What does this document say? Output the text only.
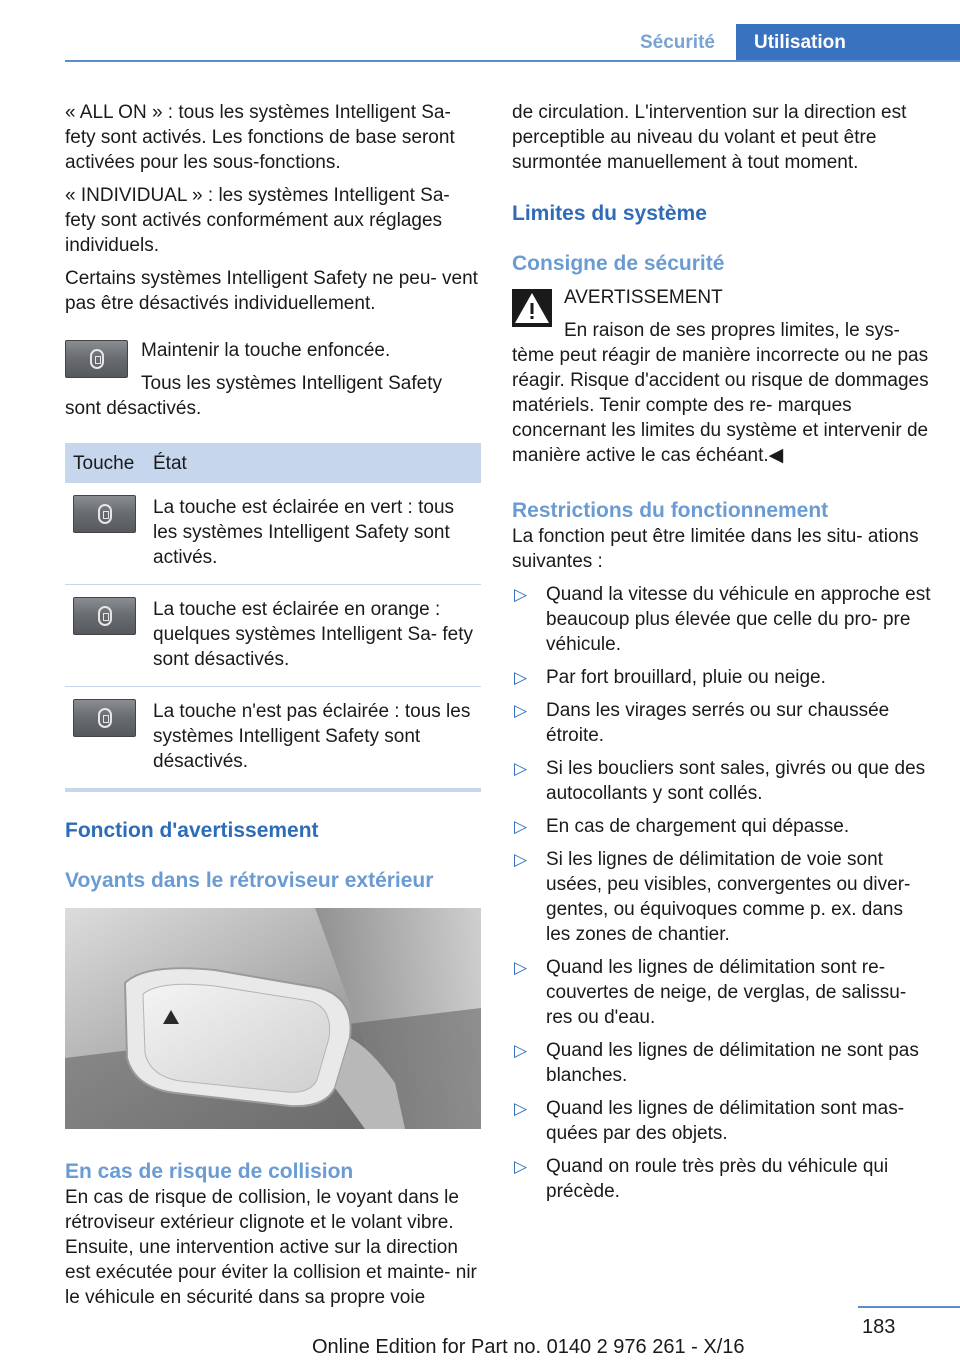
Sécurité	Utilisation

« ALL ON » : tous les systèmes Intelligent Sa‐ fety sont activés. Les fonctions de base seront activées pour les sous-fonctions.

« INDIVIDUAL » : les systèmes Intelligent Sa‐ fety sont activés conformément aux réglages individuels.

Certains systèmes Intelligent Safety ne peu‐ vent pas être désactivés individuellement.

Maintenir la touche enfoncée.

Tous les systèmes Intelligent Safety sont désactivés.

Touche	État

	La touche est éclairée en vert : tous les systèmes Intelligent Safety sont activés.

	La touche est éclairée en orange : quelques systèmes Intelligent Sa‐ fety sont désactivés.

	La touche n'est pas éclairée : tous les systèmes Intelligent Safety sont désactivés.
Fonction d'avertissement
Voyants dans le rétroviseur extérieur
En cas de risque de collision

En cas de risque de collision, le voyant dans le rétroviseur extérieur clignote et le volant vibre. Ensuite, une intervention active sur la direction est exécutée pour éviter la collision et mainte‐ nir le véhicule en sécurité dans sa propre voie

de circulation. L'intervention sur la direction est perceptible au niveau du volant et peut être surmontée manuellement à tout moment.

Limites du système
Consigne de sécurité

AVERTISSEMENT

En raison de ses propres limites, le sys‐ tème peut réagir de manière incorrecte ou ne pas réagir. Risque d'accident ou risque de dommages matériels. Tenir compte des re‐ marques concernant les limites du système et intervenir de manière active le cas échéant.◀

Restrictions du fonctionnement

La fonction peut être limitée dans les situ‐ ations suivantes :

▷ Quand la vitesse du véhicule en approche est beaucoup plus élevée que celle du pro‐ pre véhicule.
▷ Par fort brouillard, pluie ou neige.
▷ Dans les virages serrés ou sur chaussée étroite.
▷ Si les boucliers sont sales, givrés ou que des autocollants y sont collés.
▷ En cas de chargement qui dépasse.
▷ Si les lignes de délimitation de voie sont usées, peu visibles, convergentes ou diver‐ gentes, ou équivoques comme p. ex. dans les zones de chantier.
▷ Quand les lignes de délimitation sont re‐ couvertes de neige, de verglas, de salissu‐ res ou d'eau.
▷ Quand les lignes de délimitation ne sont pas blanches.
▷ Quand les lignes de délimitation sont mas‐ quées par des objets.
▷ Quand on roule très près du véhicule qui précède.
183
Online Edition for Part no. 0140 2 976 261 - X/16
